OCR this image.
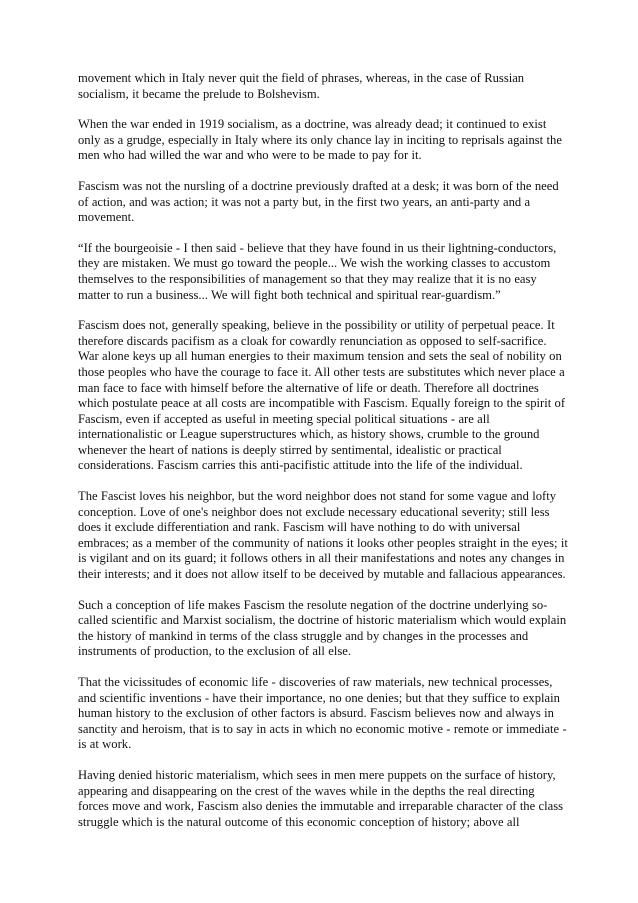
movement which in Italy never quit the field of phrases, whereas, in the case of Russian socialism, it became the prelude to Bolshevism.

When the war ended in 1919 socialism, as a doctrine, was already dead; it continued to exist only as a grudge, especially in Italy where its only chance lay in inciting to reprisals against the men who had willed the war and who were to be made to pay for it.

Fascism was not the nursling of a doctrine previously drafted at a desk; it was born of the need of action, and was action; it was not a party but, in the first two years, an anti-party and a movement.

“If the bourgeoisie - I then said - believe that they have found in us their lightning-conductors, they are mistaken. We must go toward the people... We wish the working classes to accustom themselves to the responsibilities of management so that they may realize that it is no easy matter to run a business... We will fight both technical and spiritual rear-guardism.”

Fascism does not, generally speaking, believe in the possibility or utility of perpetual peace. It therefore discards pacifism as a cloak for cowardly renunciation as opposed to self-sacrifice. War alone keys up all human energies to their maximum tension and sets the seal of nobility on those peoples who have the courage to face it. All other tests are substitutes which never place a man face to face with himself before the alternative of life or death. Therefore all doctrines which postulate peace at all costs are incompatible with Fascism. Equally foreign to the spirit of Fascism, even if accepted as useful in meeting special political situations - are all internationalistic or League superstructures which, as history shows, crumble to the ground whenever the heart of nations is deeply stirred by sentimental, idealistic or practical considerations. Fascism carries this anti-pacifistic attitude into the life of the individual.

The Fascist loves his neighbor, but the word neighbor does not stand for some vague and lofty conception. Love of one's neighbor does not exclude necessary educational severity; still less does it exclude differentiation and rank. Fascism will have nothing to do with universal embraces; as a member of the community of nations it looks other peoples straight in the eyes; it is vigilant and on its guard; it follows others in all their manifestations and notes any changes in their interests; and it does not allow itself to be deceived by mutable and fallacious appearances.

Such a conception of life makes Fascism the resolute negation of the doctrine underlying so-called scientific and Marxist socialism, the doctrine of historic materialism which would explain the history of mankind in terms of the class struggle and by changes in the processes and instruments of production, to the exclusion of all else.

That the vicissitudes of economic life - discoveries of raw materials, new technical processes, and scientific inventions - have their importance, no one denies; but that they suffice to explain human history to the exclusion of other factors is absurd. Fascism believes now and always in sanctity and heroism, that is to say in acts in which no economic motive - remote or immediate - is at work.

Having denied historic materialism, which sees in men mere puppets on the surface of history, appearing and disappearing on the crest of the waves while in the depths the real directing forces move and work, Fascism also denies the immutable and irreparable character of the class struggle which is the natural outcome of this economic conception of history; above all
